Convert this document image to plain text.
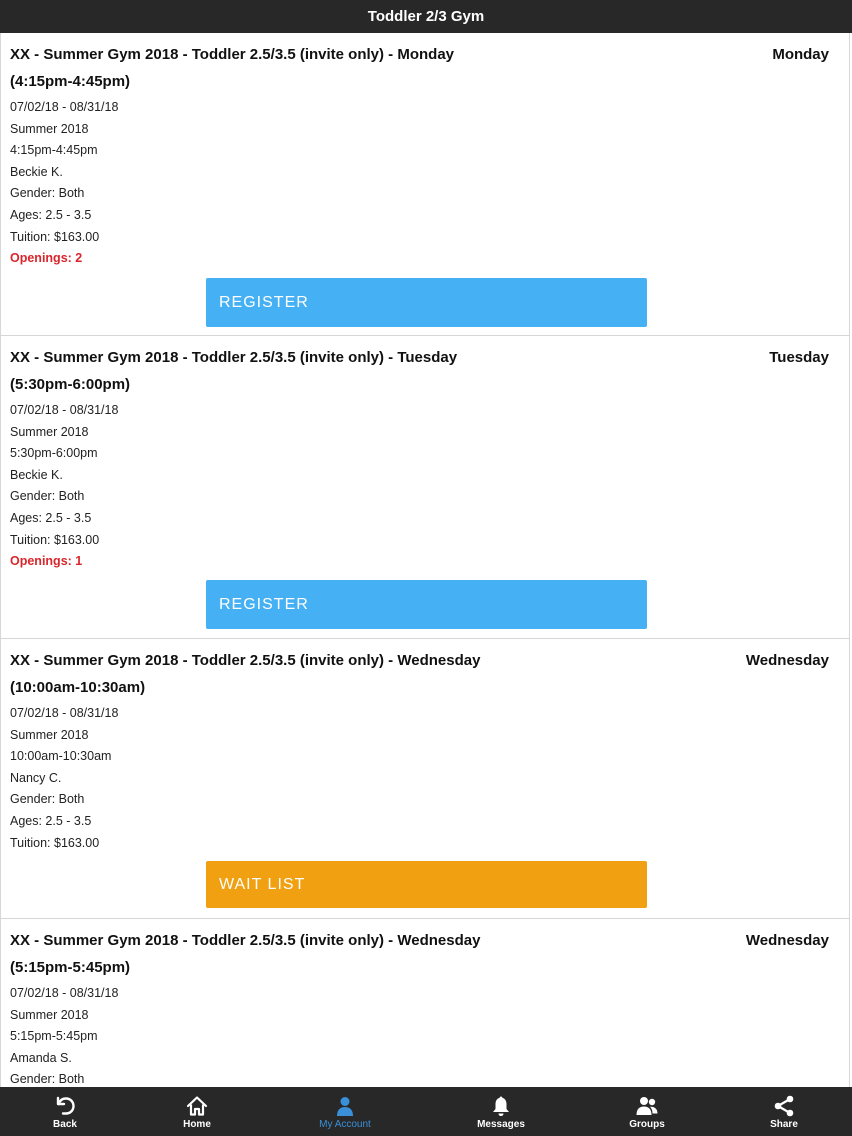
Toddler 2/3 Gym
XX - Summer Gym 2018 - Toddler 2.5/3.5 (invite only) - Monday (4:15pm-4:45pm)
Monday
07/02/18 - 08/31/18
Summer 2018
4:15pm-4:45pm
Beckie K.
Gender: Both
Ages: 2.5 - 3.5
Tuition: $163.00
Openings: 2
REGISTER
XX - Summer Gym 2018 - Toddler 2.5/3.5 (invite only) - Tuesday (5:30pm-6:00pm)
Tuesday
07/02/18 - 08/31/18
Summer 2018
5:30pm-6:00pm
Beckie K.
Gender: Both
Ages: 2.5 - 3.5
Tuition: $163.00
Openings: 1
REGISTER
XX - Summer Gym 2018 - Toddler 2.5/3.5 (invite only) - Wednesday (10:00am-10:30am)
Wednesday
07/02/18 - 08/31/18
Summer 2018
10:00am-10:30am
Nancy C.
Gender: Both
Ages: 2.5 - 3.5
Tuition: $163.00
WAIT LIST
XX - Summer Gym 2018 - Toddler 2.5/3.5 (invite only) - Wednesday (5:15pm-5:45pm)
Wednesday
07/02/18 - 08/31/18
Summer 2018
5:15pm-5:45pm
Amanda S.
Gender: Both
Back	Home	My Account	Messages	Groups	Share
